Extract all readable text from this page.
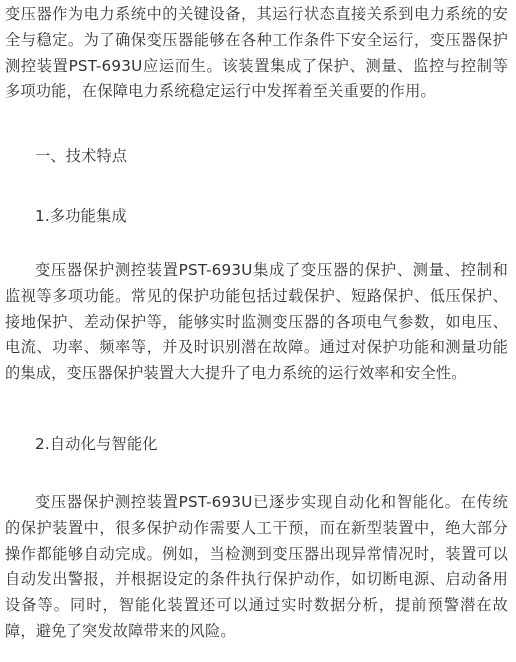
变压器作为电力系统中的关键设备，其运行状态直接关系到电力系统的安全与稳定。为了确保变压器能够在各种工作条件下安全运行，变压器保护测控装置PST-693U应运而生。该装置集成了保护、测量、监控与控制等多项功能，在保障电力系统稳定运行中发挥着至关重要的作用。

一、技术特点

1.多功能集成

变压器保护测控装置PST-693U集成了变压器的保护、测量、控制和监视等多项功能。常见的保护功能包括过载保护、短路保护、低压保护、接地保护、差动保护等，能够实时监测变压器的各项电气参数，如电压、电流、功率、频率等，并及时识别潜在故障。通过对保护功能和测量功能的集成，变压器保护装置大大提升了电力系统的运行效率和安全性。

2.自动化与智能化

变压器保护测控装置PST-693U已逐步实现自动化和智能化。在传统的保护装置中，很多保护动作需要人工干预，而在新型装置中，绝大部分操作都能够自动完成。例如，当检测到变压器出现异常情况时，装置可以自动发出警报，并根据设定的条件执行保护动作，如切断电源、启动备用设备等。同时，智能化装置还可以通过实时数据分析，提前预警潜在故障，避免了突发故障带来的风险。
